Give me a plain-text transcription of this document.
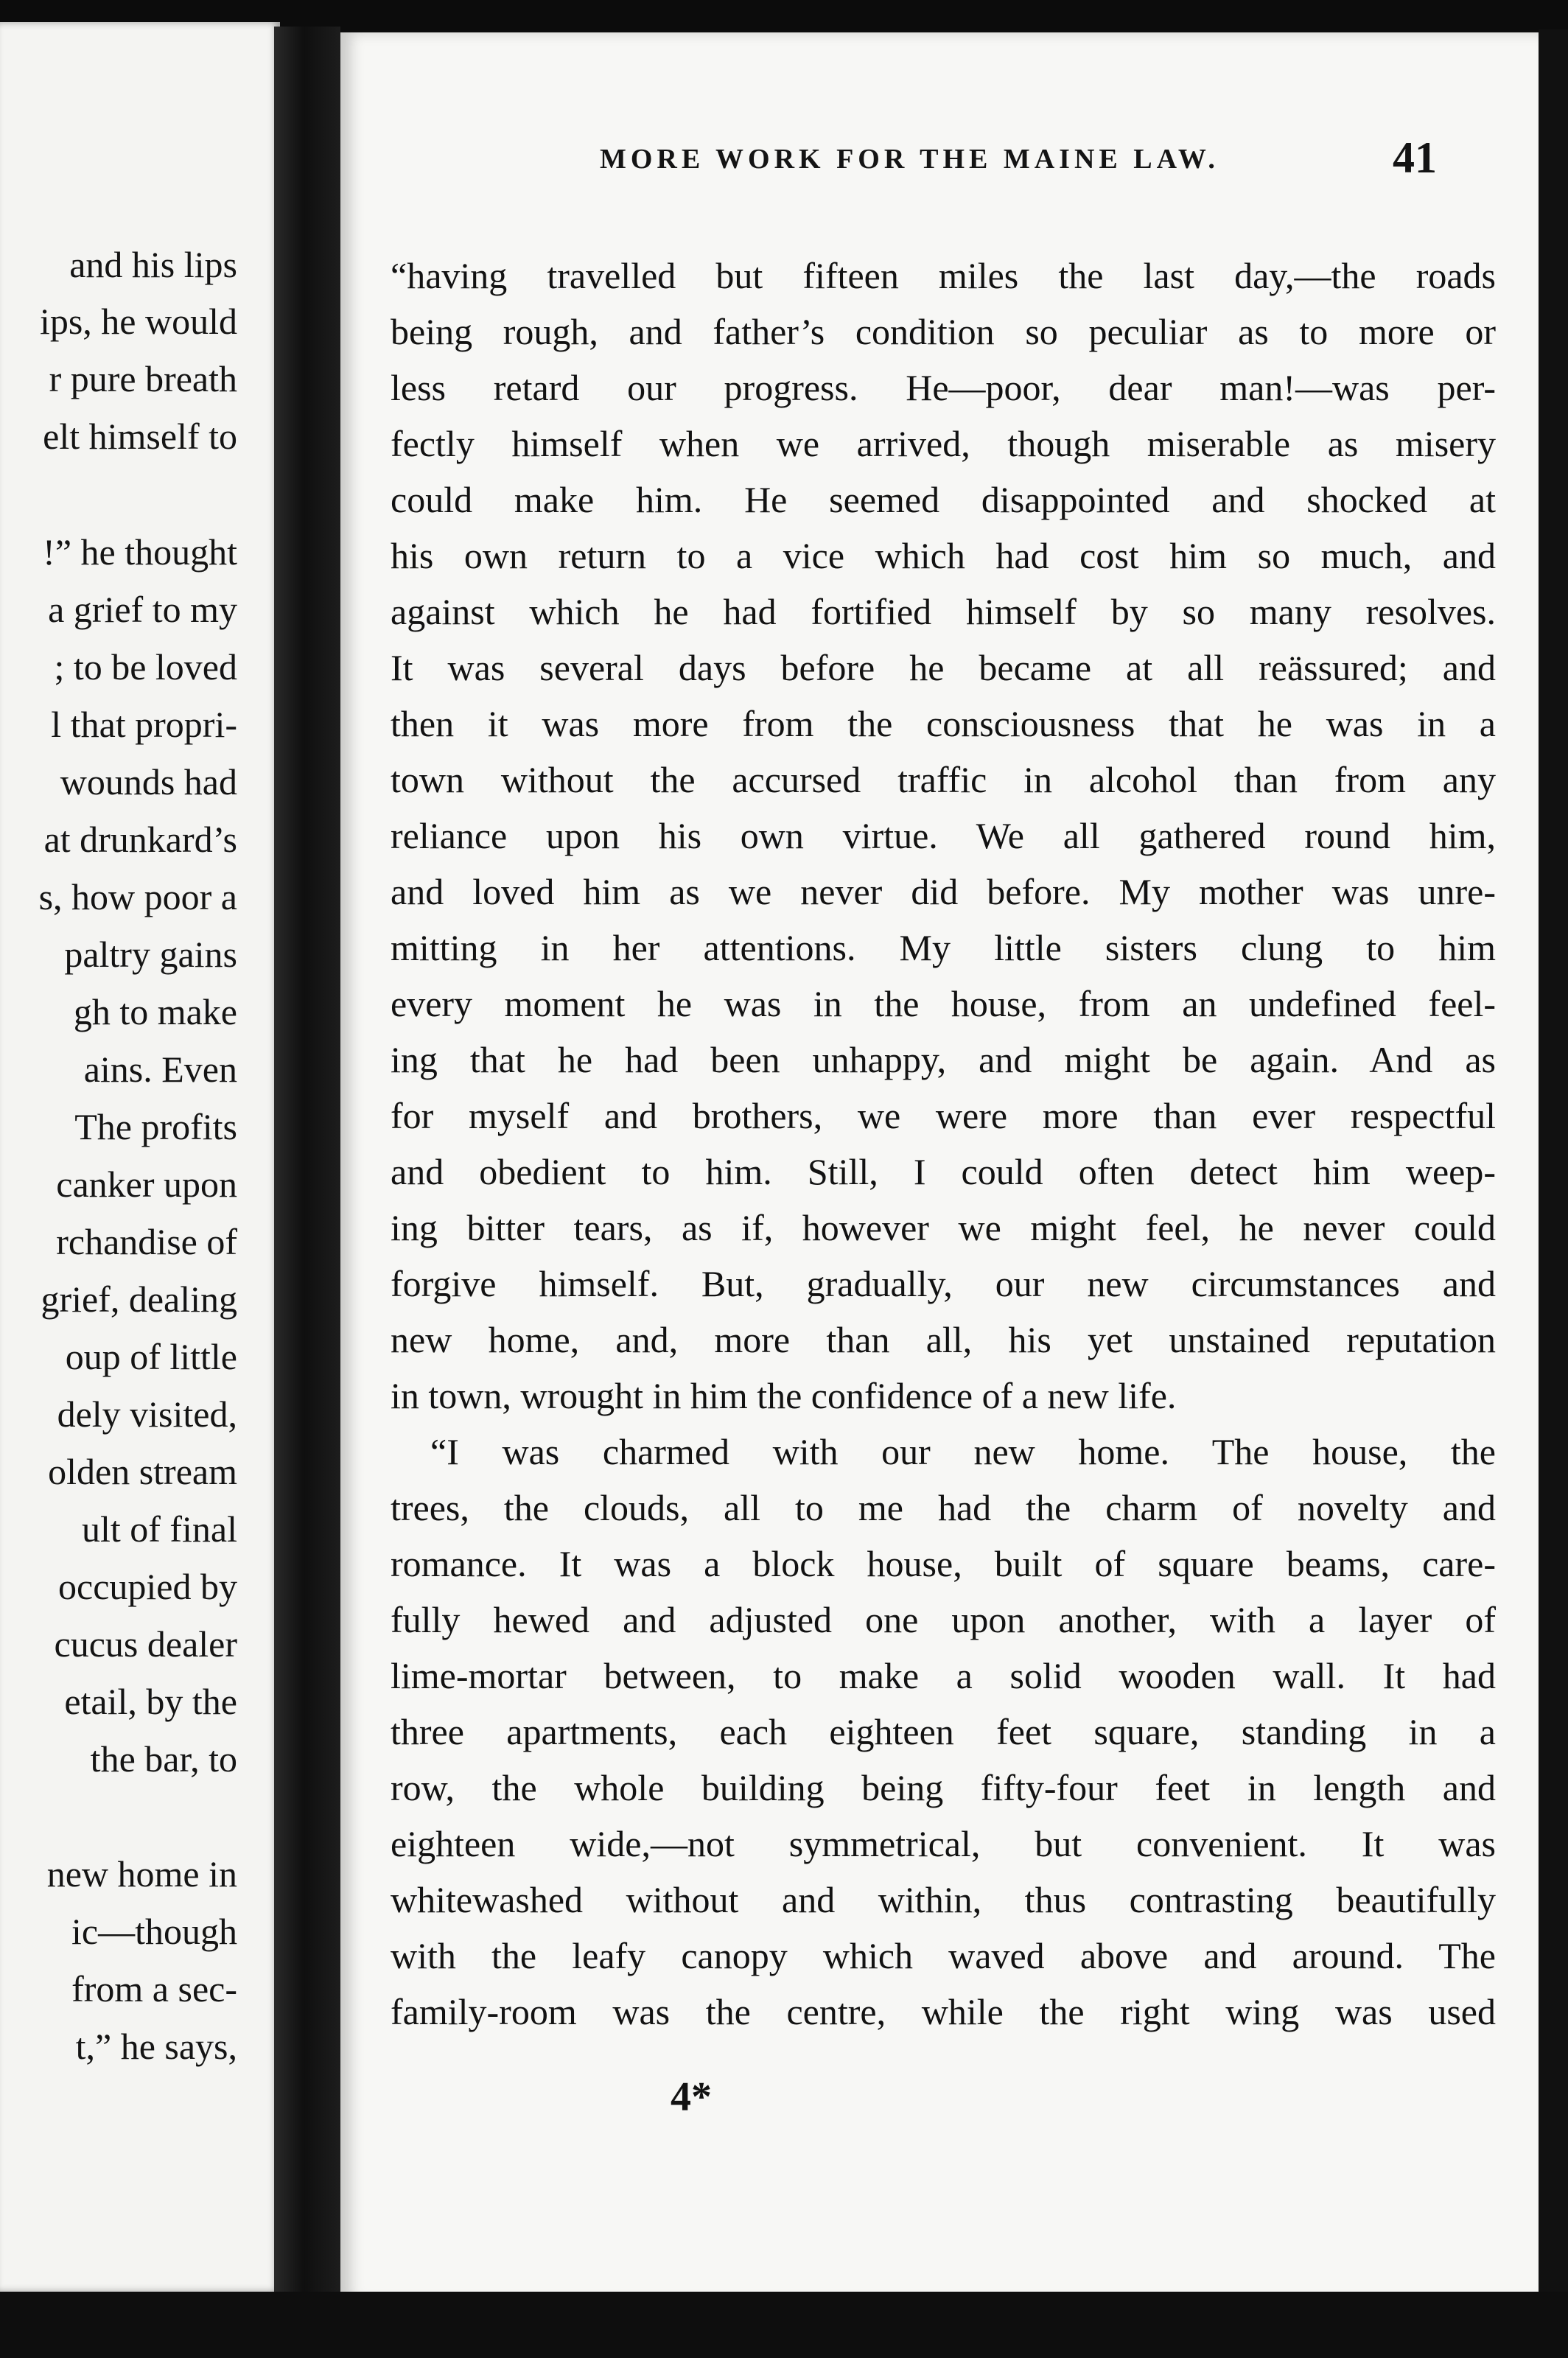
and his lips
ips, he would
r pure breath
elt himself to
!” he thought
a grief to my
; to be loved
l that propri-
wounds had
at drunkard’s
s, how poor a
paltry gains
gh to make
ains. Even
The profits
canker upon
rchandise of
grief, dealing
oup of little
dely visited,
olden stream
ult of final
occupied by
cucus dealer
etail, by the
the bar, to
new home in
ic—though
from a sec-
t,” he says,
MORE WORK FOR THE MAINE LAW.	41
“having travelled but fifteen miles the last day,—the roads
being rough, and father’s condition so peculiar as to more or
less retard our progress. He—poor, dear man!—was per-
fectly himself when we arrived, though miserable as misery
could make him. He seemed disappointed and shocked at
his own return to a vice which had cost him so much, and
against which he had fortified himself by so many resolves.
It was several days before he became at all reässured; and
then it was more from the consciousness that he was in a
town without the accursed traffic in alcohol than from any
reliance upon his own virtue. We all gathered round him,
and loved him as we never did before. My mother was unre-
mitting in her attentions. My little sisters clung to him
every moment he was in the house, from an undefined feel-
ing that he had been unhappy, and might be again. And as
for myself and brothers, we were more than ever respectful
and obedient to him. Still, I could often detect him weep-
ing bitter tears, as if, however we might feel, he never could
forgive himself. But, gradually, our new circumstances and
new home, and, more than all, his yet unstained reputation
in town, wrought in him the confidence of a new life.
“I was charmed with our new home. The house, the
trees, the clouds, all to me had the charm of novelty and
romance. It was a block house, built of square beams, care-
fully hewed and adjusted one upon another, with a layer of
lime-mortar between, to make a solid wooden wall. It had
three apartments, each eighteen feet square, standing in a
row, the whole building being fifty-four feet in length and
eighteen wide,—not symmetrical, but convenient. It was
whitewashed without and within, thus contrasting beautifully
with the leafy canopy which waved above and around. The
family-room was the centre, while the right wing was used
4*
